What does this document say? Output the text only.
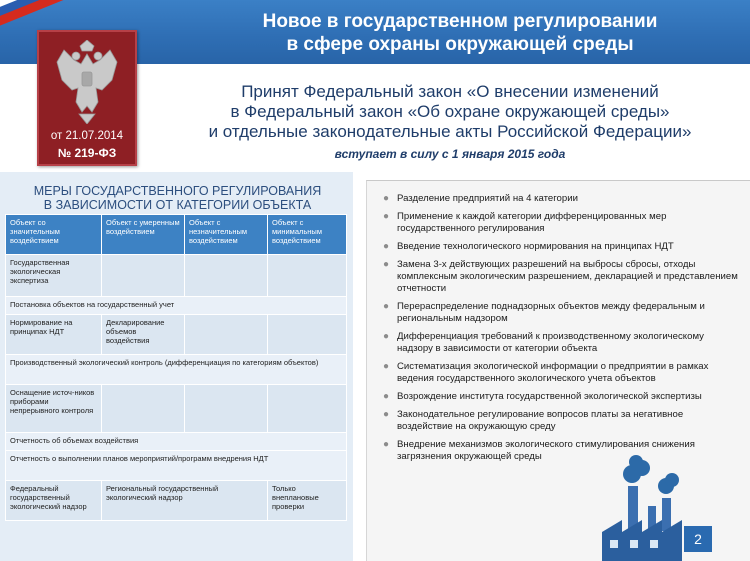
Новое в государственном регулировании
в сфере охраны окружающей среды
от 21.07.2014
№ 219-ФЗ
Принят Федеральный закон «О внесении изменений
в Федеральный закон «Об охране окружающей среды»
и отдельные законодательные акты Российской Федерации»
вступает в силу с 1 января 2015 года
МЕРЫ ГОСУДАРСТВЕННОГО РЕГУЛИРОВАНИЯ
В ЗАВИСИМОСТИ ОТ КАТЕГОРИИ ОБЪЕКТА
Объект со значительным воздействием	Объект с умеренным воздействием	Объект с незначительным воздействием	Объект с минимальным воздействием
Государственная экологическая экспертиза			
Постановка объектов на государственный учет			
Нормирование на принципах НДТ	Декларирование объемов воздействия		
Производственный экологический контроль (дифференциация по категориям объектов)			
Оснащение источ-ников приборами непрерывного контроля			
Отчетность об объемах воздействия			
Отчетность о выполнении планов мероприятий/программ внедрения НДТ			
Федеральный государственный экологический надзор	Региональный государственный экологический надзор		Только внеплановые проверки
● Разделение предприятий на 4 категории
● Применение к каждой категории дифференцированных мер государственного регулирования
● Введение технологического нормирования на принципах НДТ
● Замена 3-х действующих разрешений на выбросы сбросы, отходы комплексным экологическим разрешением, декларацией и представлением отчетности
● Перераспределение поднадзорных объектов между федеральным и региональным надзором
● Дифференциация требований к производственному экологическому надзору в зависимости от категории объекта
● Систематизация экологической информации о предприятии в рамках ведения государственного экологического учета объектов
● Возрождение института государственной экологической экспертизы
● Законодательное регулирование вопросов платы за негативное воздействие на окружающую среду
● Внедрение механизмов экологического стимулирования снижения загрязнения окружающей среды
2
